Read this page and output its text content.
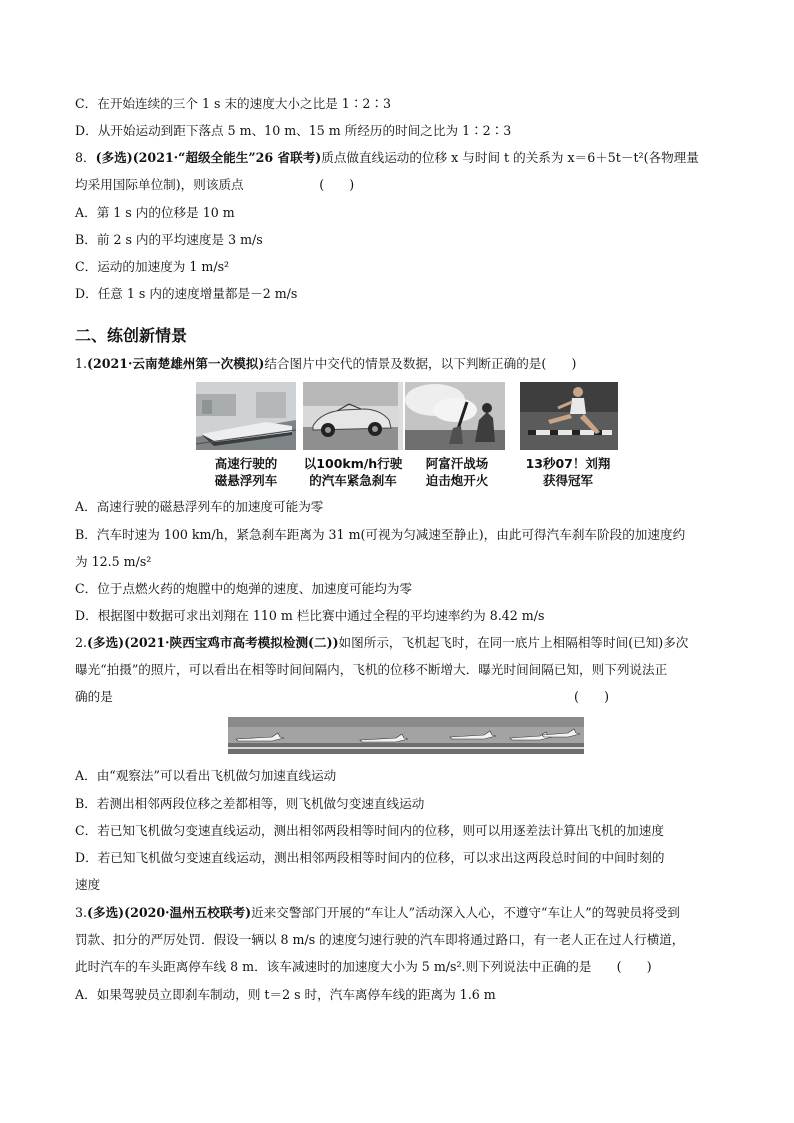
C．在开始连续的三个 1 s 末的速度大小之比是 1∶2∶3
D．从开始运动到距下落点 5 m、10 m、15 m 所经历的时间之比为 1∶2∶3
8．(多选)(2021·“超级全能生”26 省联考)质点做直线运动的位移 x 与时间 t 的关系为 x＝6＋5t－t²(各物理量
均采用国际单位制)，则该质点　　　　　　(　　)
A．第 1 s 内的位移是 10 m
B．前 2 s 内的平均速度是 3 m/s
C．运动的加速度为 1 m/s²
D．任意 1 s 内的速度增量都是－2 m/s
二、练创新情景
1.(2021·云南楚雄州第一次模拟)结合图片中交代的情景及数据，以下判断正确的是(　　)
高速行驶的
磁悬浮列车
以100km/h行驶
的汽车紧急刹车
阿富汗战场
迫击炮开火
13秒07！刘翔
获得冠军
A．高速行驶的磁悬浮列车的加速度可能为零
B．汽车时速为 100 km/h，紧急刹车距离为 31 m(可视为匀减速至静止)，由此可得汽车刹车阶段的加速度约
为 12.5 m/s²
C．位于点燃火药的炮膛中的炮弹的速度、加速度可能均为零
D．根据图中数据可求出刘翔在 110 m 栏比赛中通过全程的平均速率约为 8.42 m/s
2.(多选)(2021·陕西宝鸡市高考模拟检测(二))如图所示，飞机起飞时，在同一底片上相隔相等时间(已知)多次
曝光“拍摄”的照片，可以看出在相等时间间隔内，飞机的位移不断增大．曝光时间间隔已知，则下列说法正
确的是	(　　)
A．由“观察法”可以看出飞机做匀加速直线运动
B．若测出相邻两段位移之差都相等，则飞机做匀变速直线运动
C．若已知飞机做匀变速直线运动，测出相邻两段相等时间内的位移，则可以用逐差法计算出飞机的加速度
D．若已知飞机做匀变速直线运动，测出相邻两段相等时间内的位移，可以求出这两段总时间的中间时刻的
速度
3.(多选)(2020·温州五校联考)近来交警部门开展的“车让人”活动深入人心，不遵守“车让人”的驾驶员将受到
罚款、扣分的严厉处罚．假设一辆以 8 m/s 的速度匀速行驶的汽车即将通过路口，有一老人正在过人行横道，
此时汽车的车头距离停车线 8 m．该车减速时的加速度大小为 5 m/s².则下列说法中正确的是　　(　　)
A．如果驾驶员立即刹车制动，则 t＝2 s 时，汽车离停车线的距离为 1.6 m
